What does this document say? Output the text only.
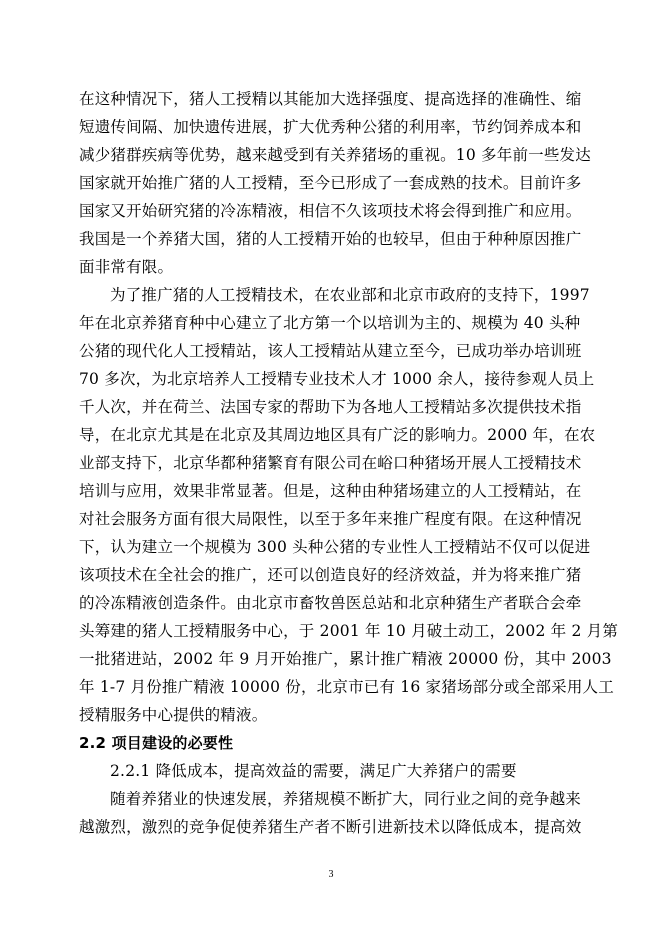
在这种情况下，猪人工授精以其能加大选择强度、提高选择的准确性、缩
短遗传间隔、加快遗传进展，扩大优秀种公猪的利用率，节约饲养成本和
减少猪群疾病等优势，越来越受到有关养猪场的重视。10 多年前一些发达
国家就开始推广猪的人工授精，至今已形成了一套成熟的技术。目前许多
国家又开始研究猪的冷冻精液，相信不久该项技术将会得到推广和应用。
我国是一个养猪大国，猪的人工授精开始的也较早，但由于种种原因推广
面非常有限。
为了推广猪的人工授精技术，在农业部和北京市政府的支持下，1997
年在北京养猪育种中心建立了北方第一个以培训为主的、规模为 40 头种
公猪的现代化人工授精站，该人工授精站从建立至今，已成功举办培训班
70 多次，为北京培养人工授精专业技术人才 1000 余人，接待参观人员上
千人次，并在荷兰、法国专家的帮助下为各地人工授精站多次提供技术指
导，在北京尤其是在北京及其周边地区具有广泛的影响力。2000 年，在农
业部支持下，北京华都种猪繁育有限公司在峪口种猪场开展人工授精技术
培训与应用，效果非常显著。但是，这种由种猪场建立的人工授精站，在
对社会服务方面有很大局限性，以至于多年来推广程度有限。在这种情况
下，认为建立一个规模为 300 头种公猪的专业性人工授精站不仅可以促进
该项技术在全社会的推广，还可以创造良好的经济效益，并为将来推广猪
的冷冻精液创造条件。由北京市畜牧兽医总站和北京种猪生产者联合会牵
头筹建的猪人工授精服务中心，于 2001 年 10 月破土动工，2002 年 2 月第
一批猪进站，2002 年 9 月开始推广，累计推广精液 20000 份，其中 2003
年 1-7 月份推广精液 10000 份，北京市已有 16 家猪场部分或全部采用人工
授精服务中心提供的精液。
2.2 项目建设的必要性
2.2.1 降低成本，提高效益的需要，满足广大养猪户的需要
随着养猪业的快速发展，养猪规模不断扩大，同行业之间的竞争越来
越激烈，激烈的竞争促使养猪生产者不断引进新技术以降低成本，提高效
3
